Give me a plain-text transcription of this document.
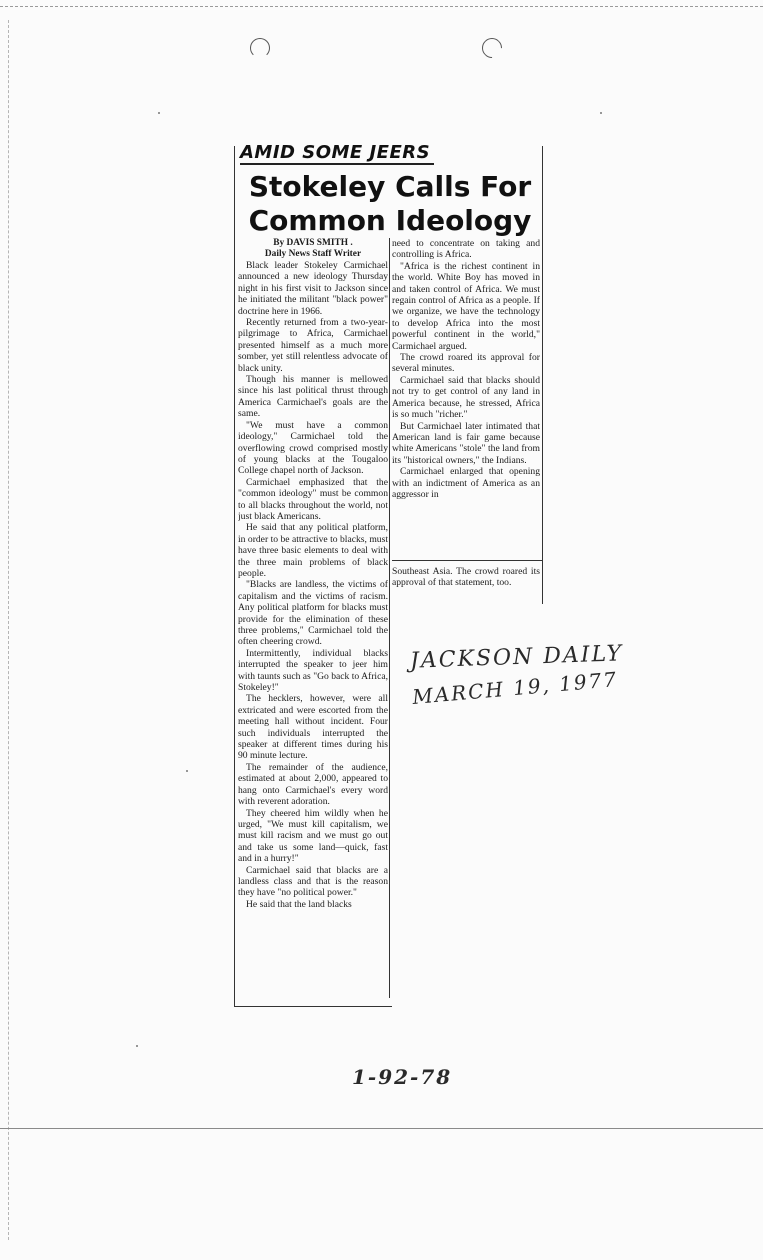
AMID SOME JEERS
Stokeley Calls For
Common Ideology

By DAVIS SMITH .

Daily News Staff Writer

Black leader Stokeley Carmichael announced a new ideology Thursday night in his first visit to Jackson since he initiated the militant "black power" doctrine here in 1966.

Recently returned from a two-year-pilgrimage to Africa, Carmichael presented himself as a much more somber, yet still relentless advocate of black unity.

Though his manner is mellowed since his last political thrust through America Carmichael's goals are the same.

"We must have a common ideology," Carmichael told the overflowing crowd comprised mostly of young blacks at the Tougaloo College chapel north of Jackson.

Carmichael emphasized that the "common ideology" must be common to all blacks throughout the world, not just black Americans.

He said that any political platform, in order to be attractive to blacks, must have three basic elements to deal with the three main problems of black people.

"Blacks are landless, the victims of capitalism and the victims of racism. Any political platform for blacks must provide for the elimination of these three problems," Carmichael told the often cheering crowd.

Intermittently, individual blacks interrupted the speaker to jeer him with taunts such as "Go back to Africa, Stokeley!"

The hecklers, however, were all extricated and were escorted from the meeting hall without incident. Four such individuals interrupted the speaker at different times during his 90 minute lecture.

The remainder of the audience, estimated at about 2,000, appeared to hang onto Carmichael's every word with reverent adoration.

They cheered him wildly when he urged, "We must kill capitalism, we must kill racism and we must go out and take us some land—quick, fast and in a hurry!"

Carmichael said that blacks are a landless class and that is the reason they have "no political power."

He said that the land blacks

need to concentrate on taking and controlling is Africa.

"Africa is the richest continent in the world. White Boy has moved in and taken control of Africa. We must regain control of Africa as a people. If we organize, we have the technology to develop Africa into the most powerful continent in the world," Carmichael argued.

The crowd roared its approval for several minutes.

Carmichael said that blacks should not try to get control of any land in America because, he stressed, Africa is so much "richer."

But Carmichael later intimated that American land is fair game because white Americans "stole" the land from its "historical owners," the Indians.

Carmichael enlarged that opening with an indictment of America as an aggressor in

Southeast Asia. The crowd roared its approval of that statement, too.

JACKSON DAILY
MARCH 19, 1977
1-92-78
